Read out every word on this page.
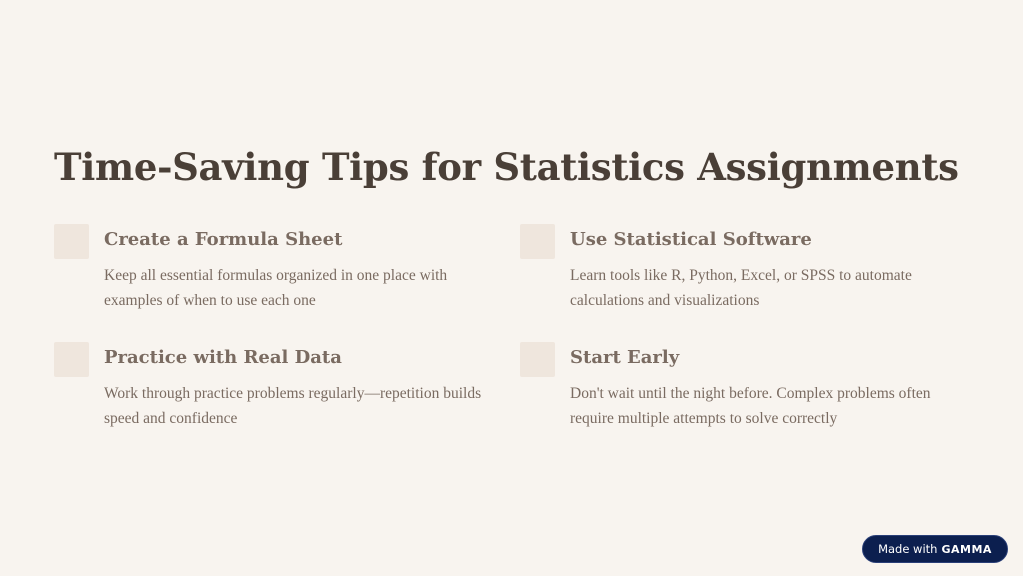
Time-Saving Tips for Statistics Assignments
Create a Formula Sheet

Keep all essential formulas organized in one place with examples of when to use each one

Use Statistical Software

Learn tools like R, Python, Excel, or SPSS to automate calculations and visualizations

Practice with Real Data

Work through practice problems regularly—repetition builds speed and confidence

Start Early

Don't wait until the night before. Complex problems often require multiple attempts to solve correctly

Made with GAMMA
